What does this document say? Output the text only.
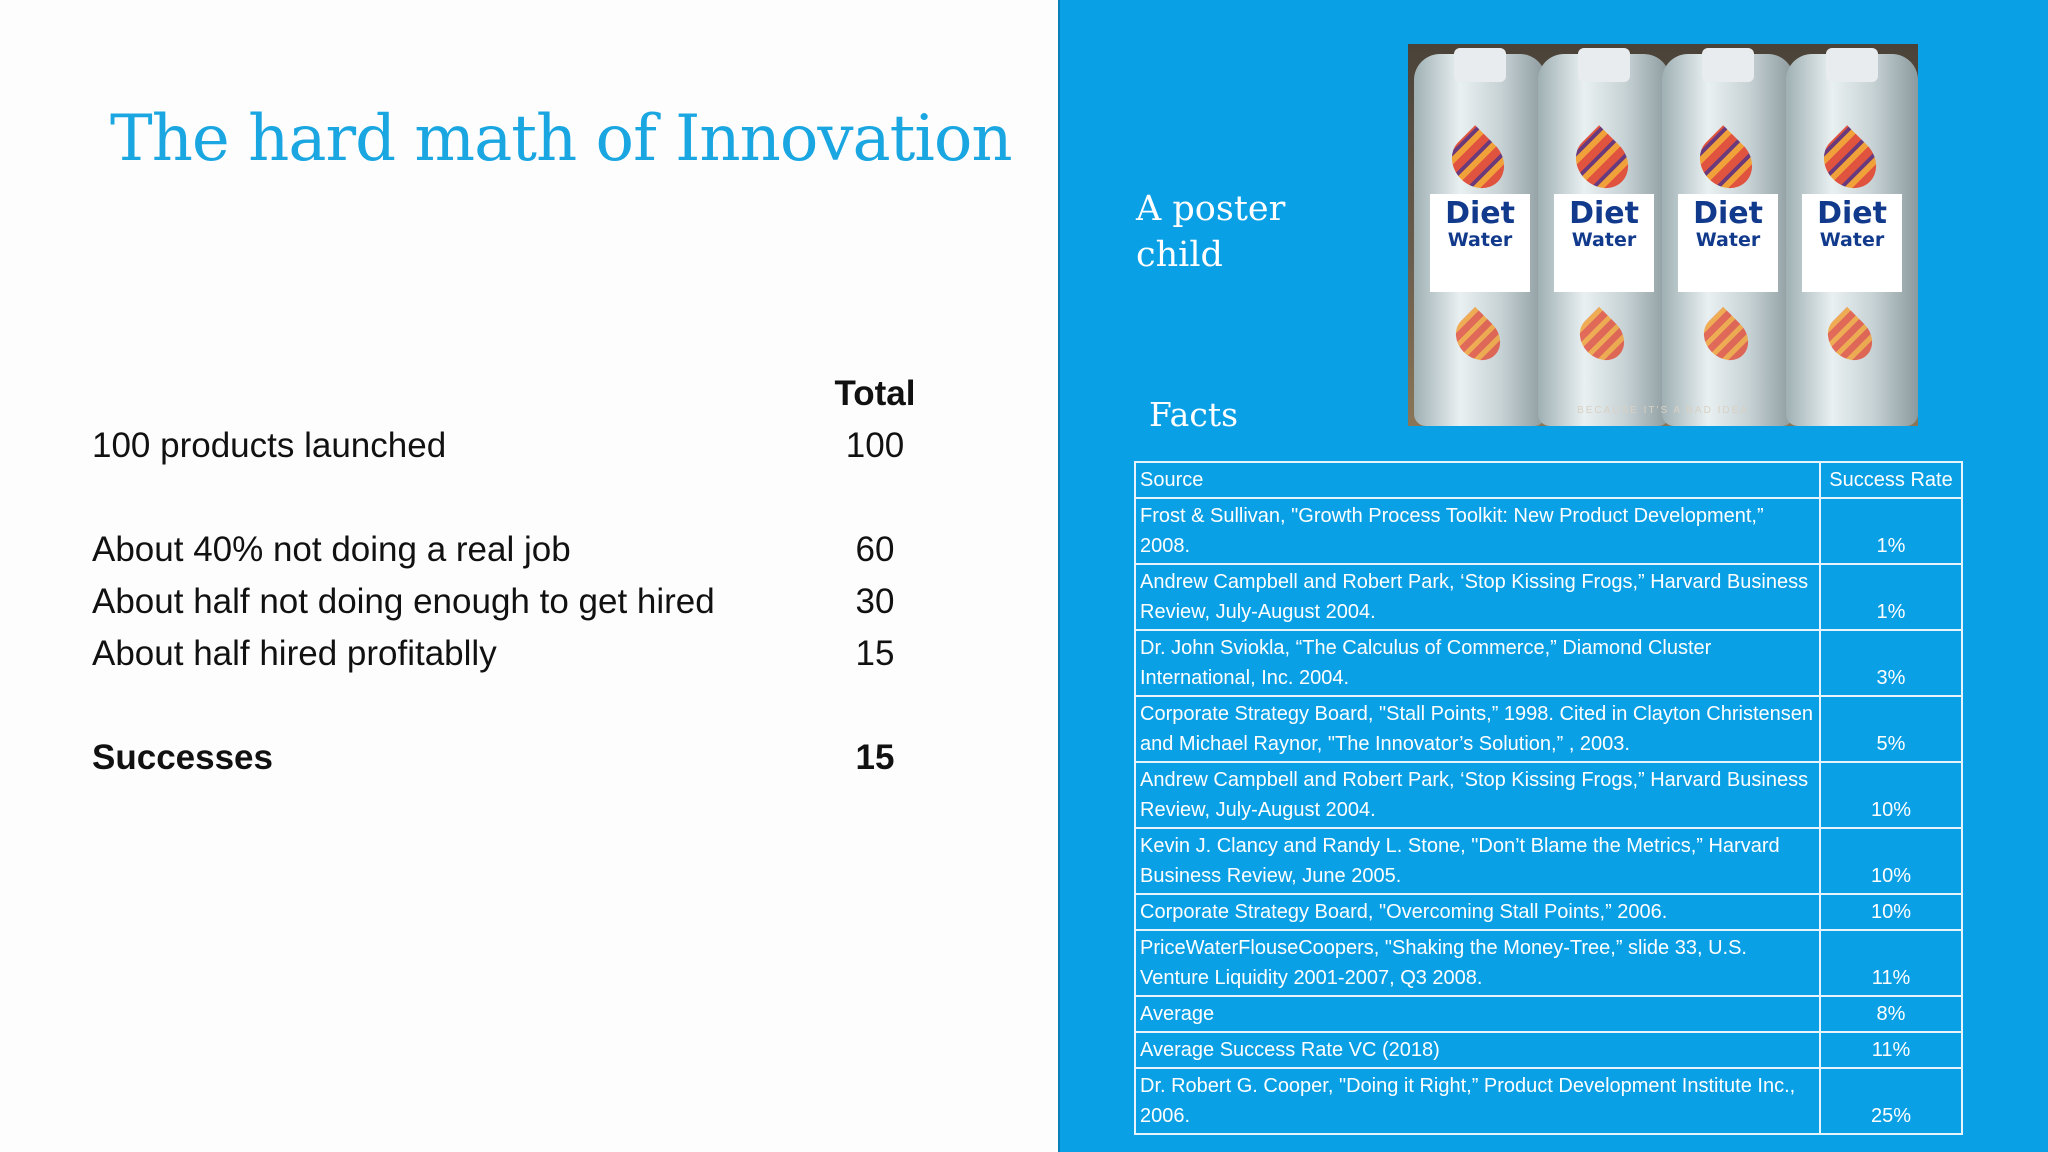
The hard math of Innovation
Total
100 products launched	100
About 40% not doing a real job	60
About half not doing enough to get hired	30
About half hired profitablly	15
Successes	15
A poster
child
Facts
Diet
Water
Diet
Water
Diet
Water
Diet
Water
BECAUSE IT'S A BAD IDEA
Source	Success Rate
Frost & Sullivan, "Growth Process Toolkit: New Product Development,” 2008.	1%
Andrew Campbell and Robert Park, ‘Stop Kissing Frogs,” Harvard Business Review, July-August 2004.	1%
Dr. John Sviokla, “The Calculus of Commerce,” Diamond Cluster International, Inc. 2004.	3%
Corporate Strategy Board, "Stall Points,” 1998. Cited in Clayton Christensen and Michael Raynor, "The Innovator’s Solution,” , 2003.	5%
Andrew Campbell and Robert Park, ‘Stop Kissing Frogs,” Harvard Business Review, July-August 2004.	10%
Kevin J. Clancy and Randy L. Stone, "Don’t Blame the Metrics,” Harvard Business Review, June 2005.	10%
Corporate Strategy Board, "Overcoming Stall Points,” 2006.	10%
PriceWaterFlouseCoopers, "Shaking the Money-Tree,” slide 33, U.S. Venture Liquidity 2001-2007, Q3 2008.	11%
Average	8%
Average Success Rate VC (2018)	11%
Dr. Robert G. Cooper, "Doing it Right,” Product Development Institute Inc., 2006.	25%
